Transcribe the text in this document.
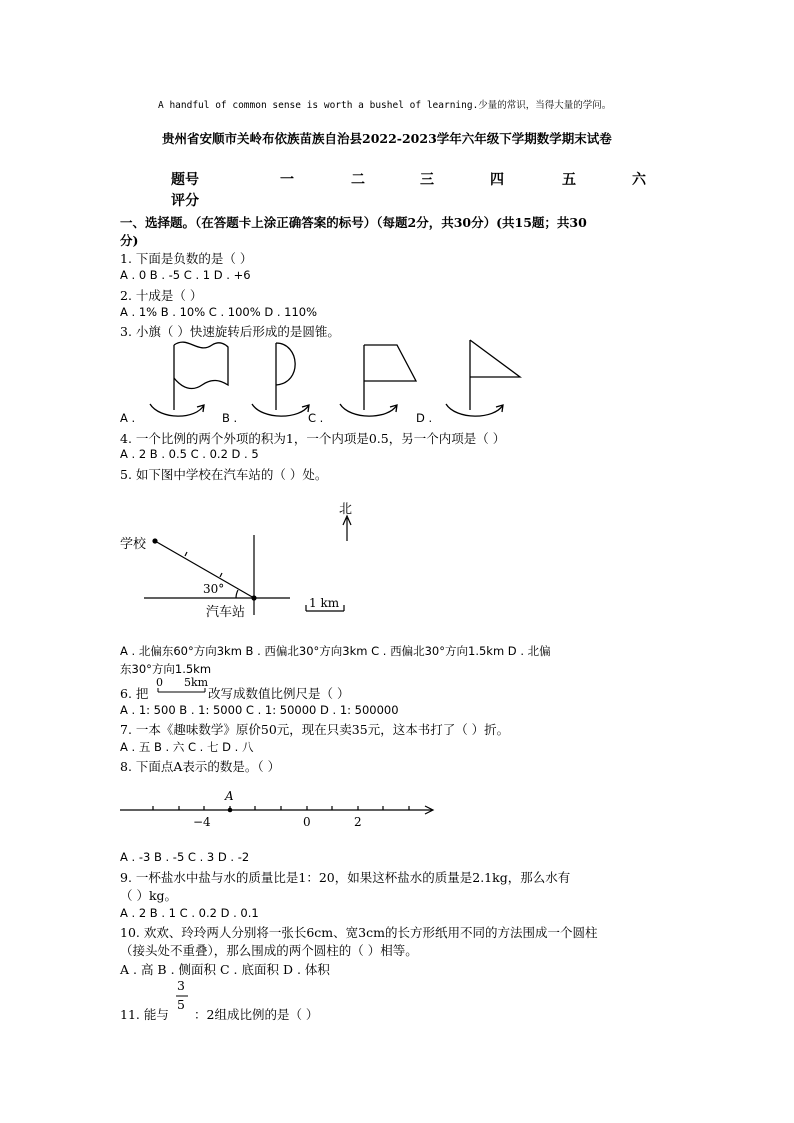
A handful of common sense is worth a bushel of learning.少量的常识，当得大量的学问。
贵州省安顺市关岭布依族苗族自治县2022-2023学年六年级下学期数学期末试卷
题号	一	二	三	四	五	六
评分
一、选择题。（在答题卡上涂正确答案的标号）（每题2分，共30分）(共15题；共30
分)
1. 下面是负数的是（ ）
A . 0 B . -5 C . 1 D . +6
2. 十成是（ ）
A . 1% B . 10% C . 100% D . 110%
3. 小旗（ ）快速旋转后形成的是圆锥。
A .	B .	C .	D .
4. 一个比例的两个外项的积为1，一个内项是0.5，另一个内项是（ ）
A . 2 B . 0.5 C . 0.2 D . 5
5. 如下图中学校在汽车站的（ ）处。
北
学校
汽车站
30°
1 km
A . 北偏东60°方向3km B . 西偏北30°方向3km C . 西偏北30°方向1.5km D . 北偏
东30°方向1.5km
6. 把
0 5km
改写成数值比例尺是（ ）
A . 1: 500 B . 1: 5000 C . 1: 50000 D . 1: 500000
7. 一本《趣味数学》原价50元，现在只卖35元，这本书打了（ ）折。
A . 五 B . 六 C . 七 D . 八
8. 下面点A表示的数是。（ ）
A
−4	0	2
A . -3 B . -5 C . 3 D . -2
9. 一杯盐水中盐与水的质量比是1：20，如果这杯盐水的质量是2.1kg，那么水有
（ ）kg。
A . 2 B . 1 C . 0.2 D . 0.1
10. 欢欢、玲玲两人分别将一张长6cm、宽3cm的长方形纸用不同的方法围成一个圆柱
（接头处不重叠），那么围成的两个圆柱的（ ）相等。
A . 高 B . 侧面积 C . 底面积 D . 体积
3
5
11. 能与 ：2组成比例的是（ ）
